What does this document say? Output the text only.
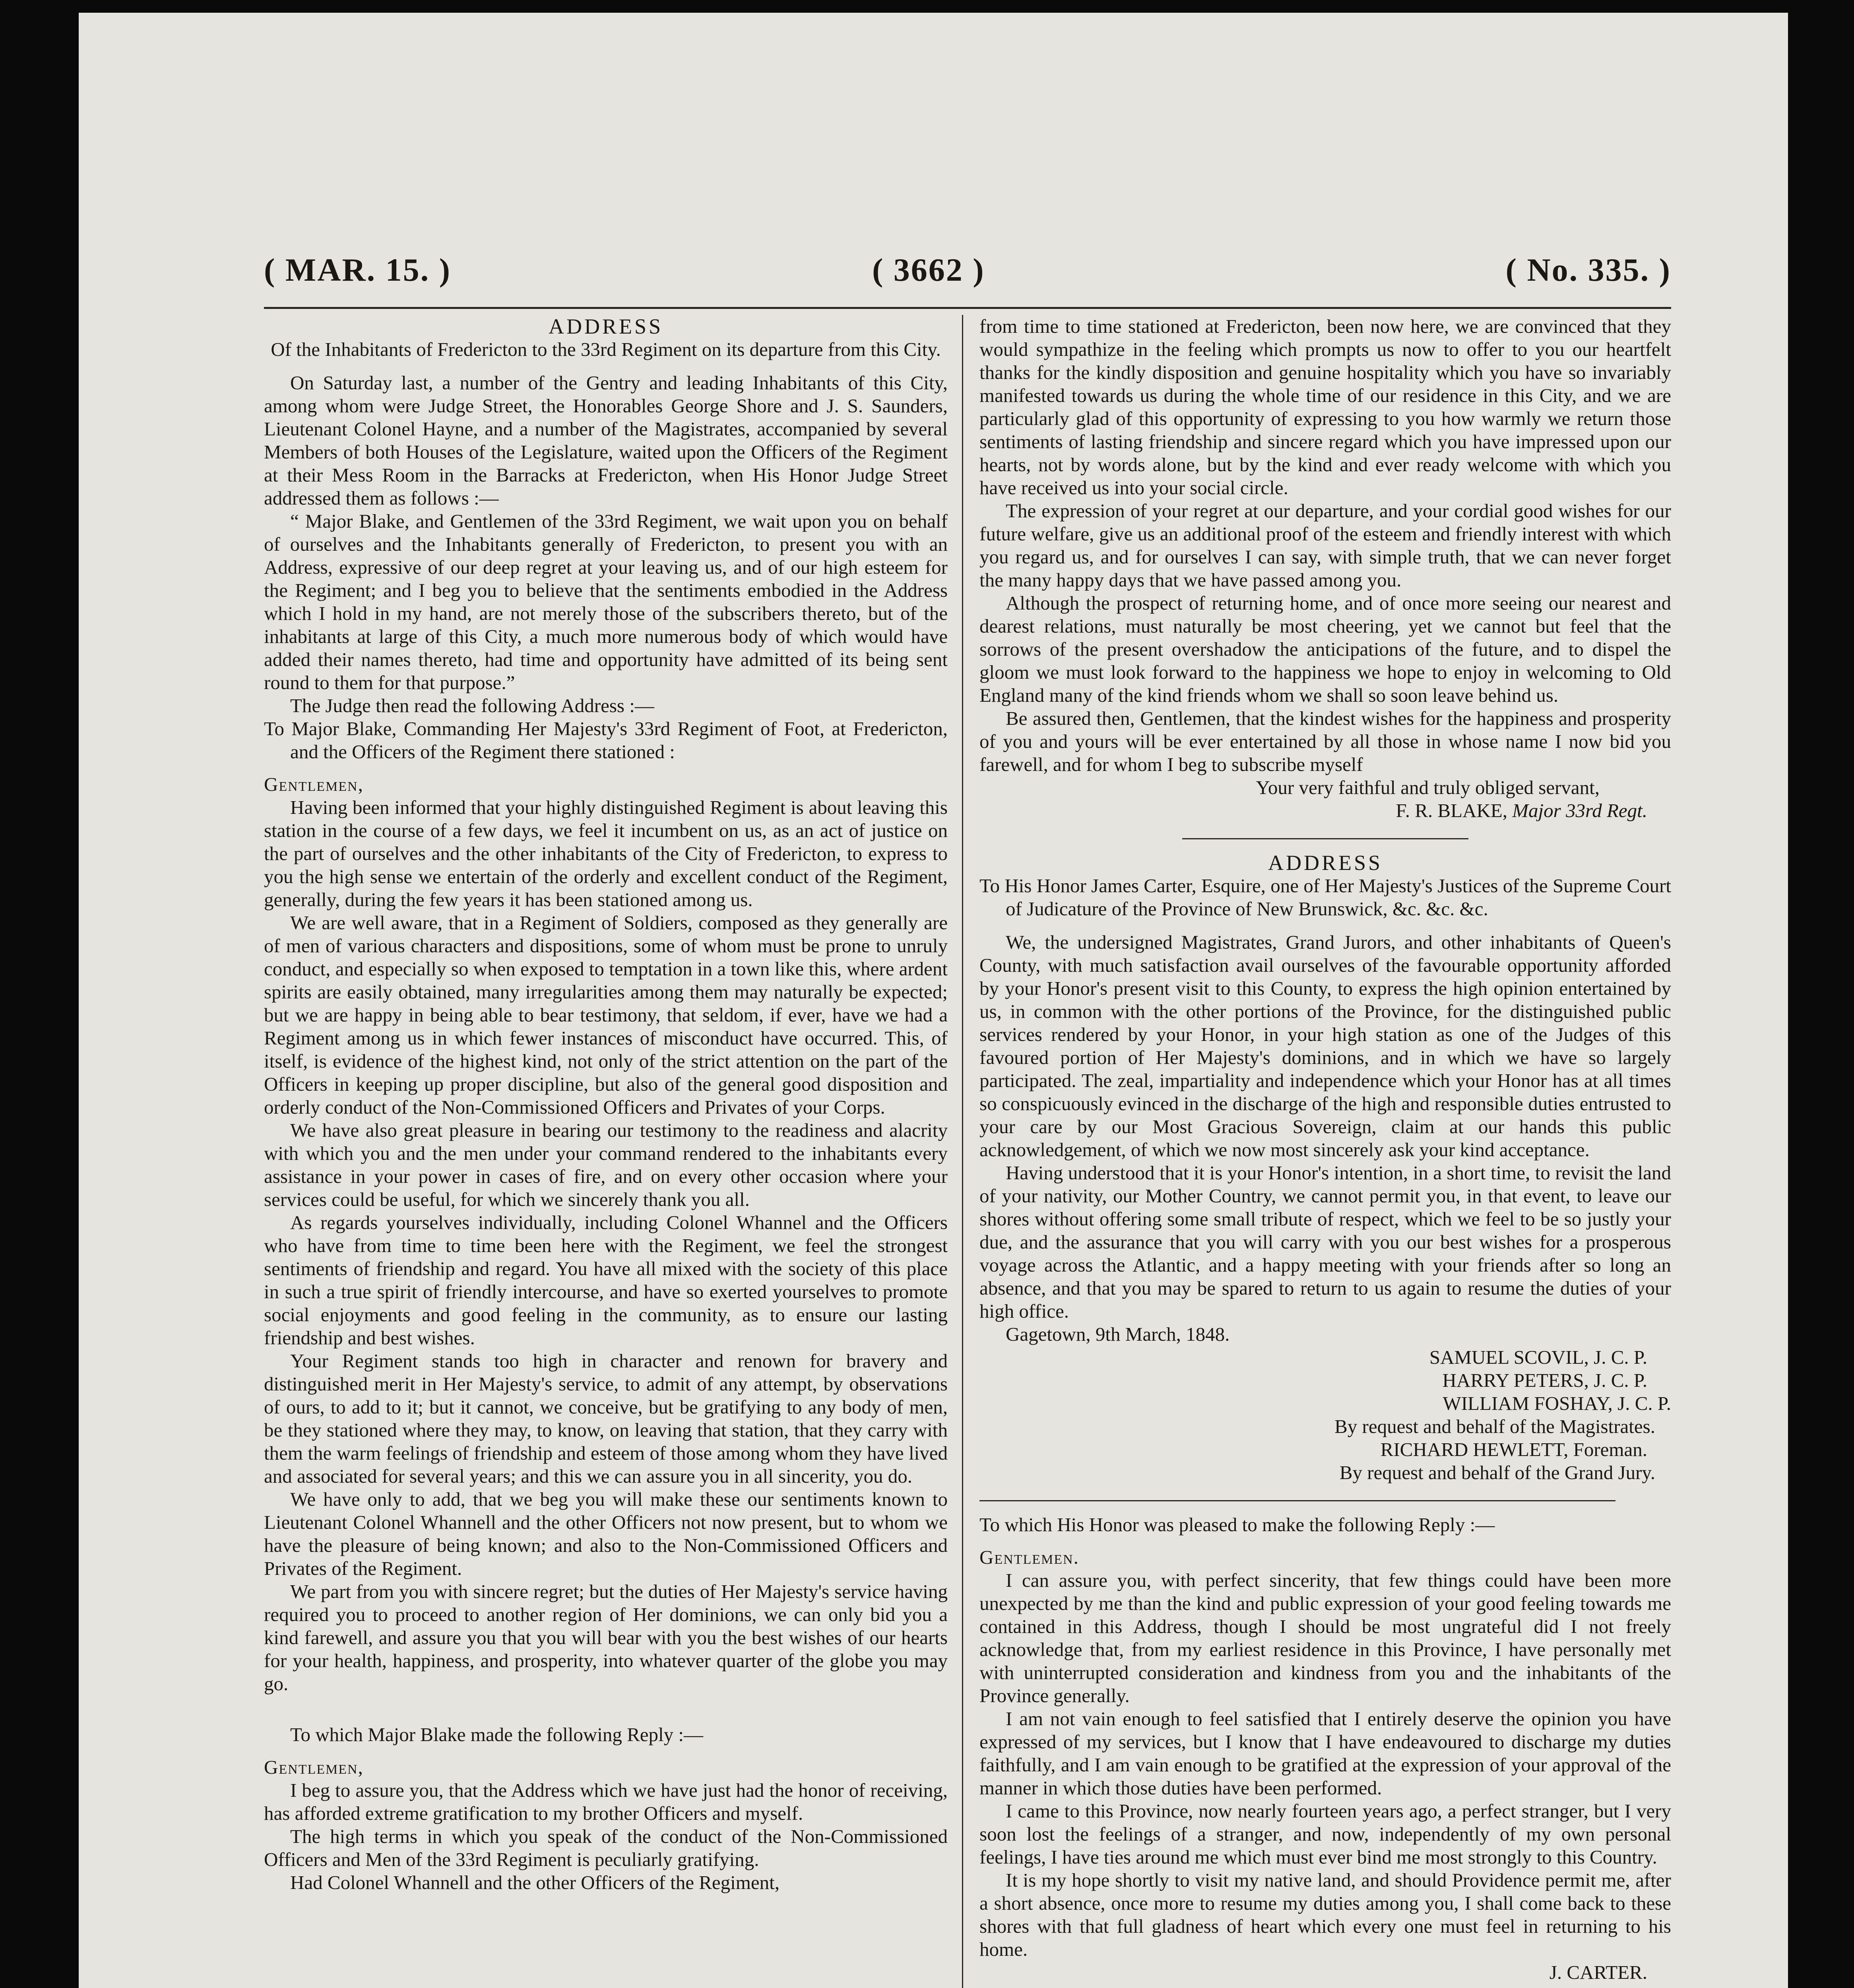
( MAR. 15. )	( 3662 )	( No. 335. )

ADDRESS

Of the Inhabitants of Fredericton to the 33rd Regiment on its departure from this City.

On Saturday last, a number of the Gentry and leading Inhabitants of this City, among whom were Judge Street, the Honorables George Shore and J. S. Saunders, Lieutenant Colonel Hayne, and a number of the Magistrates, accompanied by several Members of both Houses of the Legislature, waited upon the Officers of the Regiment at their Mess Room in the Barracks at Fredericton, when His Honor Judge Street addressed them as follows :—

“ Major Blake, and Gentlemen of the 33rd Regiment, we wait upon you on behalf of ourselves and the Inhabitants generally of Fredericton, to present you with an Address, expressive of our deep regret at your leaving us, and of our high esteem for the Regiment; and I beg you to believe that the sentiments embodied in the Address which I hold in my hand, are not merely those of the subscribers thereto, but of the inhabitants at large of this City, a much more numerous body of which would have added their names thereto, had time and opportunity have admitted of its being sent round to them for that purpose.”

The Judge then read the following Address :—

To Major Blake, Commanding Her Majesty's 33rd Regiment of Foot, at Fredericton, and the Officers of the Regiment there stationed :

Gentlemen,

Having been informed that your highly distinguished Regiment is about leaving this station in the course of a few days, we feel it incumbent on us, as an act of justice on the part of ourselves and the other inhabitants of the City of Fredericton, to express to you the high sense we entertain of the orderly and excellent conduct of the Regiment, generally, during the few years it has been stationed among us.

We are well aware, that in a Regiment of Soldiers, composed as they generally are of men of various characters and dispositions, some of whom must be prone to unruly conduct, and especially so when exposed to temptation in a town like this, where ardent spirits are easily obtained, many irregularities among them may naturally be expected; but we are happy in being able to bear testimony, that seldom, if ever, have we had a Regiment among us in which fewer instances of misconduct have occurred. This, of itself, is evidence of the highest kind, not only of the strict attention on the part of the Officers in keeping up proper discipline, but also of the general good disposition and orderly conduct of the Non-Commissioned Officers and Privates of your Corps.

We have also great pleasure in bearing our testimony to the readiness and alacrity with which you and the men under your command rendered to the inhabitants every assistance in your power in cases of fire, and on every other occasion where your services could be useful, for which we sincerely thank you all.

As regards yourselves individually, including Colonel Whannel and the Officers who have from time to time been here with the Regiment, we feel the strongest sentiments of friendship and regard. You have all mixed with the society of this place in such a true spirit of friendly intercourse, and have so exerted yourselves to promote social enjoyments and good feeling in the community, as to ensure our lasting friendship and best wishes.

Your Regiment stands too high in character and renown for bravery and distinguished merit in Her Majesty's service, to admit of any attempt, by observations of ours, to add to it; but it cannot, we conceive, but be gratifying to any body of men, be they stationed where they may, to know, on leaving that station, that they carry with them the warm feelings of friendship and esteem of those among whom they have lived and associated for several years; and this we can assure you in all sincerity, you do.

We have only to add, that we beg you will make these our sentiments known to Lieutenant Colonel Whannell and the other Officers not now present, but to whom we have the pleasure of being known; and also to the Non-Commissioned Officers and Privates of the Regiment.

We part from you with sincere regret; but the duties of Her Majesty's service having required you to proceed to another region of Her dominions, we can only bid you a kind farewell, and assure you that you will bear with you the best wishes of our hearts for your health, happiness, and prosperity, into whatever quarter of the globe you may go.

To which Major Blake made the following Reply :—

Gentlemen,

I beg to assure you, that the Address which we have just had the honor of receiving, has afforded extreme gratification to my brother Officers and myself.

The high terms in which you speak of the conduct of the Non-Commissioned Officers and Men of the 33rd Regiment is peculiarly gratifying.

Had Colonel Whannell and the other Officers of the Regiment,

from time to time stationed at Fredericton, been now here, we are convinced that they would sympathize in the feeling which prompts us now to offer to you our heartfelt thanks for the kindly disposition and genuine hospitality which you have so invariably manifested towards us during the whole time of our residence in this City, and we are particularly glad of this opportunity of expressing to you how warmly we return those sentiments of lasting friendship and sincere regard which you have impressed upon our hearts, not by words alone, but by the kind and ever ready welcome with which you have received us into your social circle.

The expression of your regret at our departure, and your cordial good wishes for our future welfare, give us an additional proof of the esteem and friendly interest with which you regard us, and for ourselves I can say, with simple truth, that we can never forget the many happy days that we have passed among you.

Although the prospect of returning home, and of once more seeing our nearest and dearest relations, must naturally be most cheering, yet we cannot but feel that the sorrows of the present overshadow the anticipations of the future, and to dispel the gloom we must look forward to the happiness we hope to enjoy in welcoming to Old England many of the kind friends whom we shall so soon leave behind us.

Be assured then, Gentlemen, that the kindest wishes for the happiness and prosperity of you and yours will be ever entertained by all those in whose name I now bid you farewell, and for whom I beg to subscribe myself

Your very faithful and truly obliged servant,

F. R. BLAKE, Major 33rd Regt.

ADDRESS

To His Honor James Carter, Esquire, one of Her Majesty's Justices of the Supreme Court of Judicature of the Province of New Brunswick, &c. &c. &c.

We, the undersigned Magistrates, Grand Jurors, and other inhabitants of Queen's County, with much satisfaction avail ourselves of the favourable opportunity afforded by your Honor's present visit to this County, to express the high opinion entertained by us, in common with the other portions of the Province, for the distinguished public services rendered by your Honor, in your high station as one of the Judges of this favoured portion of Her Majesty's dominions, and in which we have so largely participated. The zeal, impartiality and independence which your Honor has at all times so conspicuously evinced in the discharge of the high and responsible duties entrusted to your care by our Most Gracious Sovereign, claim at our hands this public acknowledgement, of which we now most sincerely ask your kind acceptance.

Having understood that it is your Honor's intention, in a short time, to revisit the land of your nativity, our Mother Country, we cannot permit you, in that event, to leave our shores without offering some small tribute of respect, which we feel to be so justly your due, and the assurance that you will carry with you our best wishes for a prosperous voyage across the Atlantic, and a happy meeting with your friends after so long an absence, and that you may be spared to return to us again to resume the duties of your high office.

Gagetown, 9th March, 1848.

SAMUEL SCOVIL, J. C. P.

HARRY PETERS, J. C. P.

WILLIAM FOSHAY, J. C. P.

By request and behalf of the Magistrates.

RICHARD HEWLETT, Foreman.

By request and behalf of the Grand Jury.

To which His Honor was pleased to make the following Reply :—

Gentlemen.

I can assure you, with perfect sincerity, that few things could have been more unexpected by me than the kind and public expression of your good feeling towards me contained in this Address, though I should be most ungrateful did I not freely acknowledge that, from my earliest residence in this Province, I have personally met with uninterrupted consideration and kindness from you and the inhabitants of the Province generally.

I am not vain enough to feel satisfied that I entirely deserve the opinion you have expressed of my services, but I know that I have endeavoured to discharge my duties faithfully, and I am vain enough to be gratified at the expression of your approval of the manner in which those duties have been performed.

I came to this Province, now nearly fourteen years ago, a perfect stranger, but I very soon lost the feelings of a stranger, and now, independently of my own personal feelings, I have ties around me which must ever bind me most strongly to this Country.

It is my hope shortly to visit my native land, and should Providence permit me, after a short absence, once more to resume my duties among you, I shall come back to these shores with that full gladness of heart which every one must feel in returning to his home.

J. CARTER.
